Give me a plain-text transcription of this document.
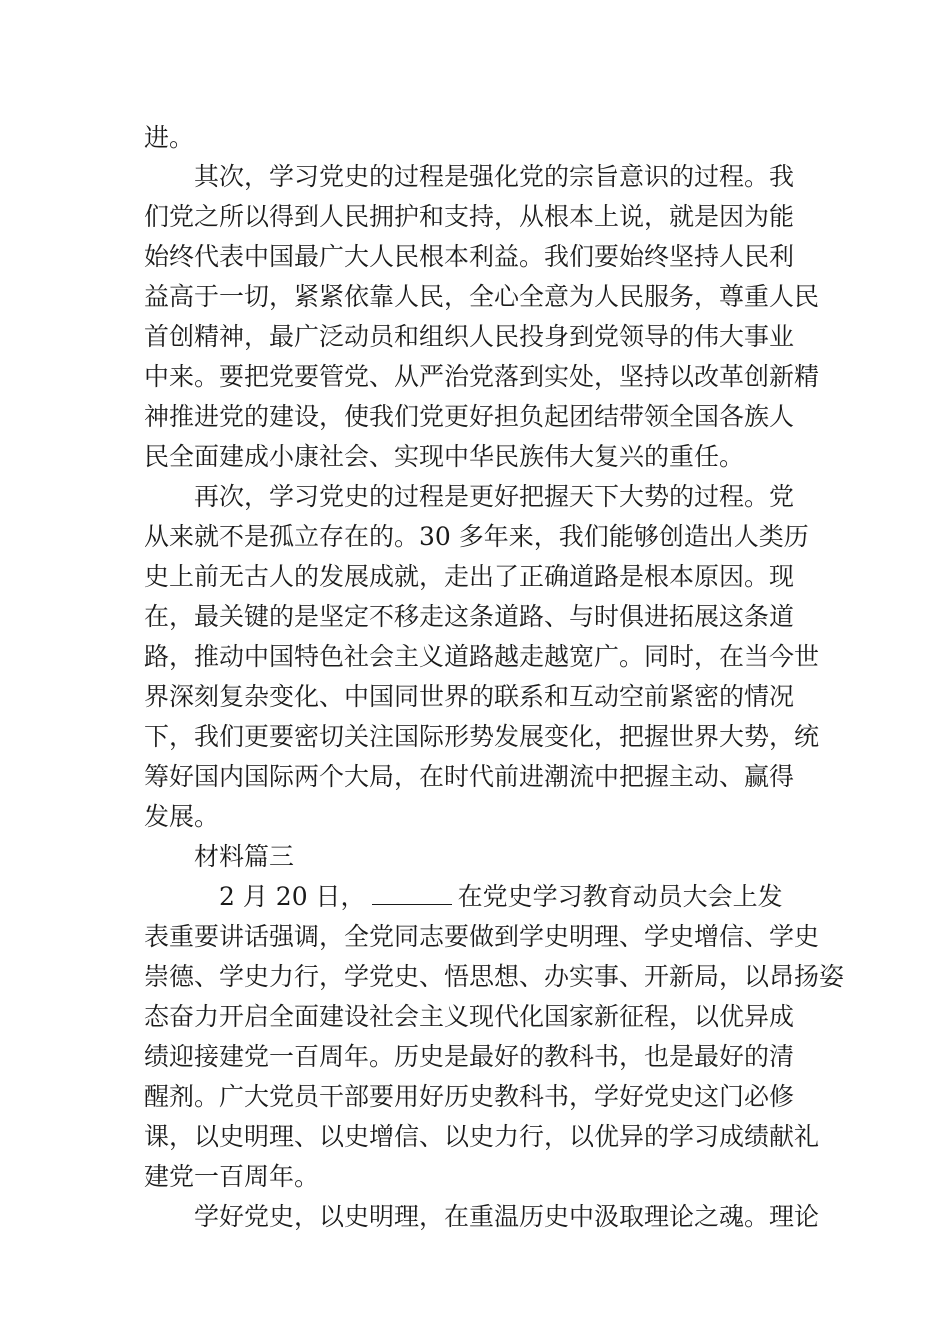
进。
　　其次，学习党史的过程是强化党的宗旨意识的过程。我
们党之所以得到人民拥护和支持，从根本上说，就是因为能
始终代表中国最广大人民根本利益。我们要始终坚持人民利
益高于一切，紧紧依靠人民，全心全意为人民服务，尊重人民
首创精神，最广泛动员和组织人民投身到党领导的伟大事业
中来。要把党要管党、从严治党落到实处，坚持以改革创新精
神推进党的建设，使我们党更好担负起团结带领全国各族人
民全面建成小康社会、实现中华民族伟大复兴的重任。
　　再次，学习党史的过程是更好把握天下大势的过程。党
从来就不是孤立存在的。30 多年来，我们能够创造出人类历
史上前无古人的发展成就，走出了正确道路是根本原因。现
在，最关键的是坚定不移走这条道路、与时俱进拓展这条道
路，推动中国特色社会主义道路越走越宽广。同时，在当今世
界深刻复杂变化、中国同世界的联系和互动空前紧密的情况
下，我们更要密切关注国际形势发展变化，把握世界大势，统
筹好国内国际两个大局，在时代前进潮流中把握主动、赢得
发展。
　　材料篇三
　　　2 月 20 日，	在党史学习教育动员大会上发
表重要讲话强调，全党同志要做到学史明理、学史增信、学史
崇德、学史力行，学党史、悟思想、办实事、开新局，以昂扬姿
态奋力开启全面建设社会主义现代化国家新征程，以优异成
绩迎接建党一百周年。历史是最好的教科书，也是最好的清
醒剂。广大党员干部要用好历史教科书，学好党史这门必修
课，以史明理、以史增信、以史力行，以优异的学习成绩献礼
建党一百周年。
　　学好党史，以史明理，在重温历史中汲取理论之魂。理论
